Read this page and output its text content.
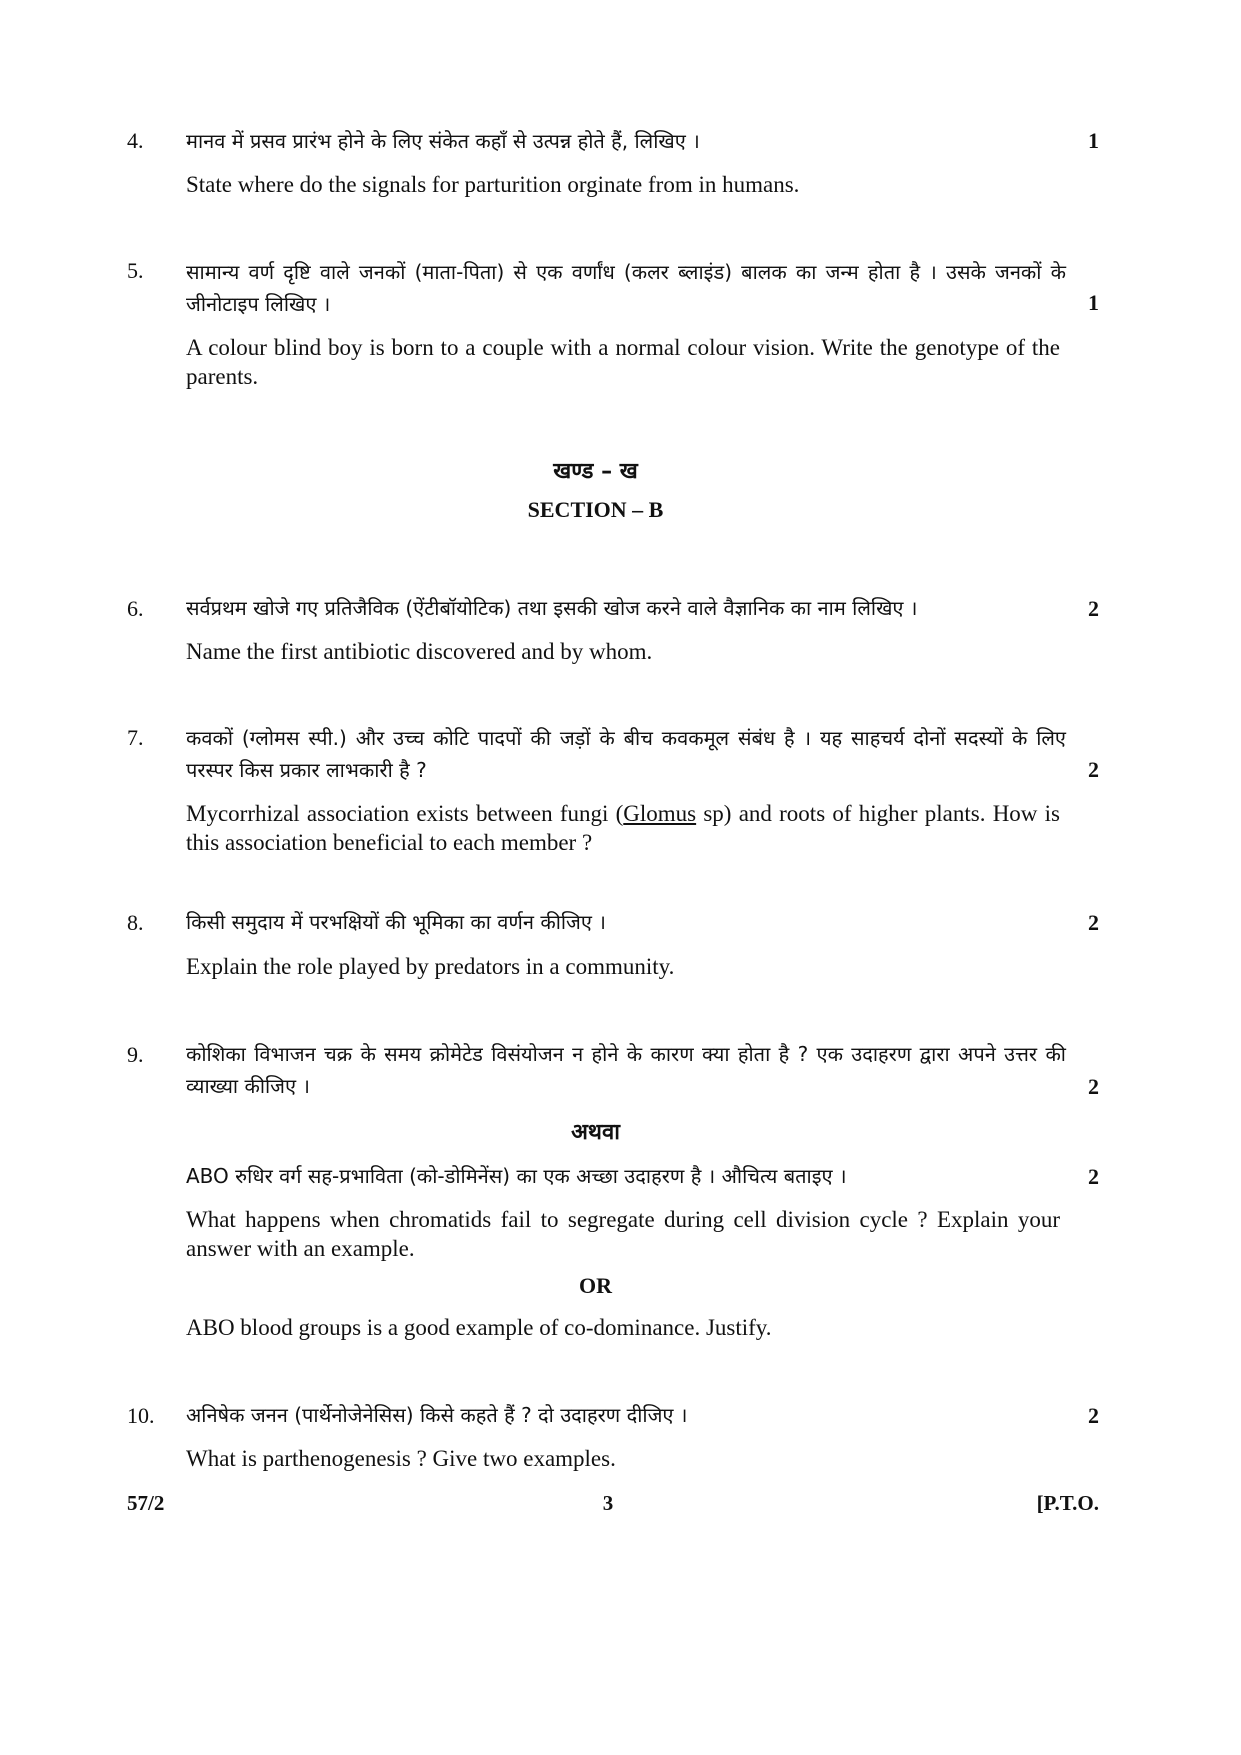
4. मानव में प्रसव प्रारंभ होने के लिए संकेत कहाँ से उत्पन्न होते हैं, लिखिए ।	1
State where do the signals for parturition orginate from in humans.
5. सामान्य वर्ण दृष्टि वाले जनकों (माता-पिता) से एक वर्णांध (कलर ब्लाइंड) बालक का जन्म होता है । उसके जनकों के जीनोटाइप लिखिए ।	1
A colour blind boy is born to a couple with a normal colour vision. Write the genotype of the parents.
खण्ड – ख
SECTION – B
6. सर्वप्रथम खोजे गए प्रतिजैविक (ऐंटीबॉयोटिक) तथा इसकी खोज करने वाले वैज्ञानिक का नाम लिखिए ।	2
Name the first antibiotic discovered and by whom.
7. कवकों (ग्लोमस स्पी.) और उच्च कोटि पादपों की जड़ों के बीच कवकमूल संबंध है । यह साहचर्य दोनों सदस्यों के लिए परस्पर किस प्रकार लाभकारी है ?	2
Mycorrhizal association exists between fungi (Glomus sp) and roots of higher plants. How is this association beneficial to each member ?
8. किसी समुदाय में परभक्षियों की भूमिका का वर्णन कीजिए ।	2
Explain the role played by predators in a community.
9. कोशिका विभाजन चक्र के समय क्रोमेटेड विसंयोजन न होने के कारण क्या होता है ? एक उदाहरण द्वारा अपने उत्तर की व्याख्या कीजिए ।	2
अथवा
ABO रुधिर वर्ग सह-प्रभाविता (को-डोमिनेंस) का एक अच्छा उदाहरण है । औचित्य बताइए ।	2
What happens when chromatids fail to segregate during cell division cycle ? Explain your answer with an example.
OR
ABO blood groups is a good example of co-dominance. Justify.
10. अनिषेक जनन (पार्थेनोजेनेसिस) किसे कहते हैं ? दो उदाहरण दीजिए ।	2
What is parthenogenesis ? Give two examples.
57/2	3	[P.T.O.
